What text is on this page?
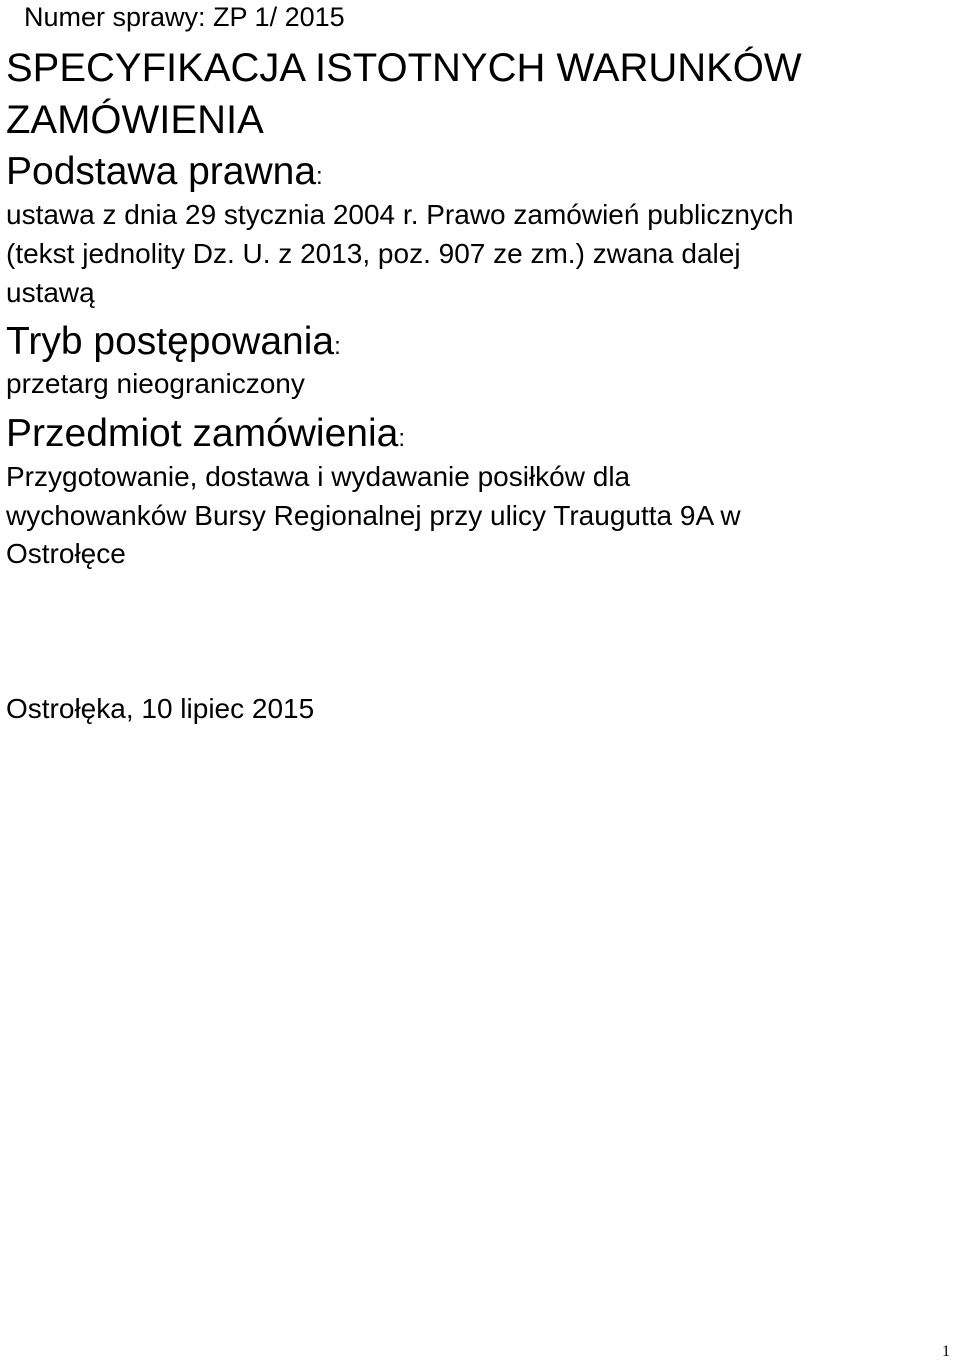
Numer sprawy: ZP 1/ 2015
SPECYFIKACJA ISTOTNYCH WARUNKÓW
ZAMÓWIENIA
Podstawa prawna:
ustawa z dnia 29 stycznia 2004 r. Prawo zamówień publicznych
(tekst jednolity Dz. U. z 2013, poz. 907 ze zm.) zwana dalej
ustawą
Tryb postępowania:
przetarg nieograniczony
Przedmiot zamówienia:
Przygotowanie, dostawa i wydawanie posiłków dla
wychowanków Bursy Regionalnej przy ulicy Traugutta 9A w
Ostrołęce
Ostrołęka, 10 lipiec 2015
1
